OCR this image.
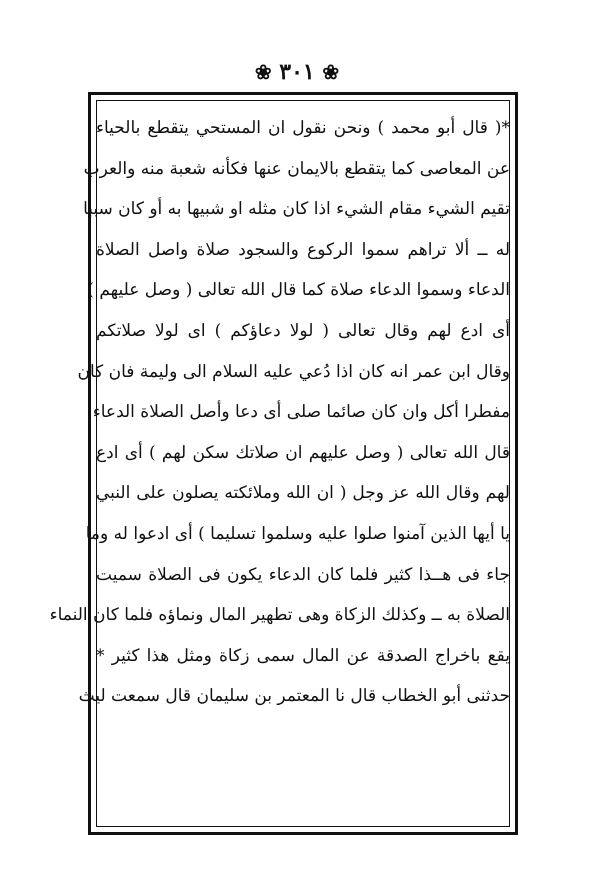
❀ ٣٠١ ❀
*( قال أبو محمد ) ونحن نقول ان المستحي يتقطع بالحياء
عن المعاصى كما يتقطع بالايمان عنها فكأنه شعبة منه والعرب
تقيم الشيء مقام الشيء اذا كان مثله او شبيها به أو كان سببا
له ــ ألا تراهم سموا الركوع والسجود صلاة واصل الصلاة
الدعاء وسموا الدعاء صلاة كما قال الله تعالى ( وصل عليهم )
أى ادع لهم وقال تعالى ( لولا دعاؤكم ) اى لولا صلاتكم
وقال ابن عمر انه كان اذا دُعي عليه السلام الى وليمة فان كان
مفطرا أكل وان كان صائما صلى أى دعا وأصل الصلاة الدعاء
قال الله تعالى ( وصل عليهم ان صلاتك سكن لهم ) أى ادع
لهم وقال الله عز وجل ( ان الله وملائكته يصلون على النبي
يا أيها الذين آمنوا صلوا عليه وسلموا تسليما ) أى ادعوا له وما
جاء فى هــذا كثير فلما كان الدعاء يكون فى الصلاة سميت
الصلاة به ــ وكذلك الزكاة وهى تطهير المال ونماؤه فلما كان النماء
يقع باخراج الصدقة عن المال سمى زكاة ومثل هذا كثير *
حدثنى أبو الخطاب قال نا المعتمر بن سليمان قال سمعت ليث
